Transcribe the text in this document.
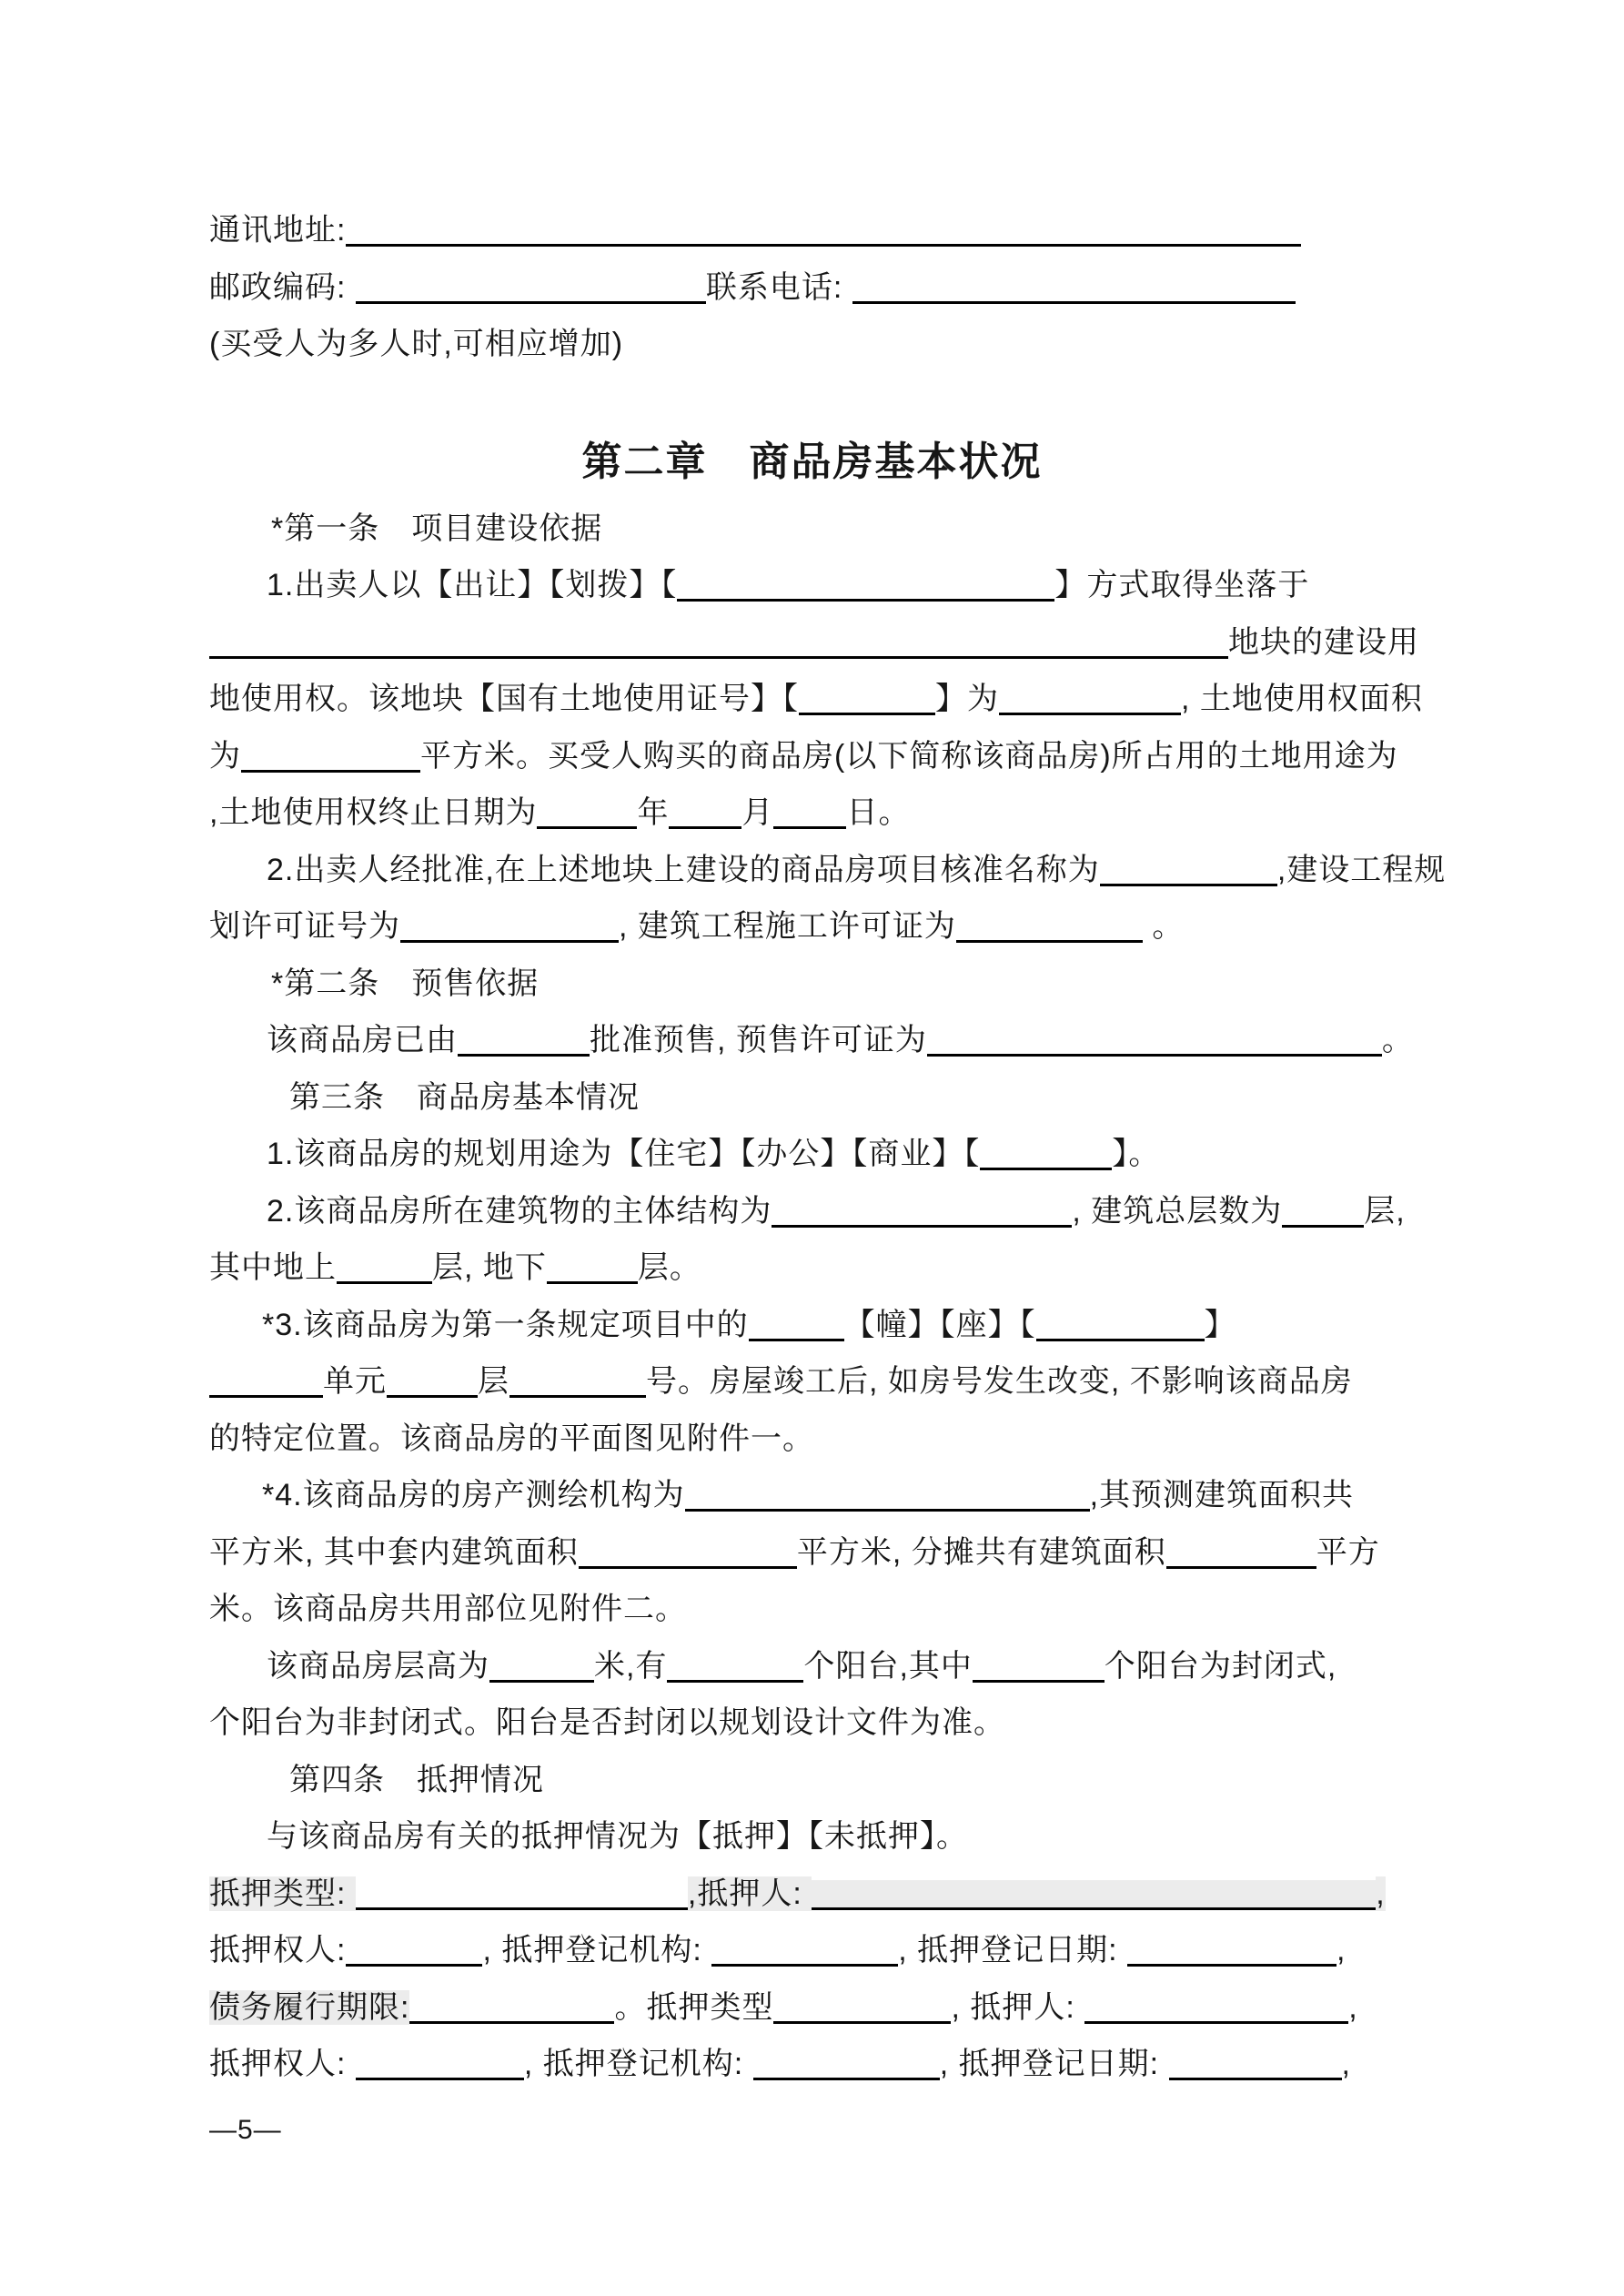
通讯地址:
邮政编码:	联系电话:
(买受人为多人时,可相应增加)
第二章　商品房基本状况
*第一条　项目建设依据
1.出卖人以【出让】【划拨】【	】方式取得坐落于
地块的建设用
地使用权。该地块【国有土地使用证号】【	】为	, 土地使用权面积
为	平方米。买受人购买的商品房(以下简称该商品房)所占用的土地用途为
,土地使用权终止日期为	年 月 日。
2.出卖人经批准,在上述地块上建设的商品房项目核准名称为	,建设工程规
划许可证号为	, 建筑工程施工许可证为	。
*第二条　预售依据
该商品房已由	批准预售, 预售许可证为	。
第三条　商品房基本情况
1.该商品房的规划用途为【住宅】【办公】【商业】【	】。
2.该商品房所在建筑物的主体结构为	, 建筑总层数为	层,
其中地上	层, 地下	层。
*3.该商品房为第一条规定项目中的	【幢】【座】【	】
单元	层	号。房屋竣工后, 如房号发生改变, 不影响该商品房
的特定位置。该商品房的平面图见附件一。
*4.该商品房的房产测绘机构为	,其预测建筑面积共
平方米, 其中套内建筑面积	平方米, 分摊共有建筑面积	平方
米。该商品房共用部位见附件二。
该商品房层高为	米,有	个阳台,其中	个阳台为封闭式,
个阳台为非封闭式。阳台是否封闭以规划设计文件为准。
第四条　抵押情况
与该商品房有关的抵押情况为【抵押】【未抵押】。
抵押类型:	,抵押人:	,
抵押权人:	, 抵押登记机构:	, 抵押登记日期:	,
债务履行期限:	。抵押类型	, 抵押人:	,
抵押权人:	, 抵押登记机构:	, 抵押登记日期:	,
—5—
